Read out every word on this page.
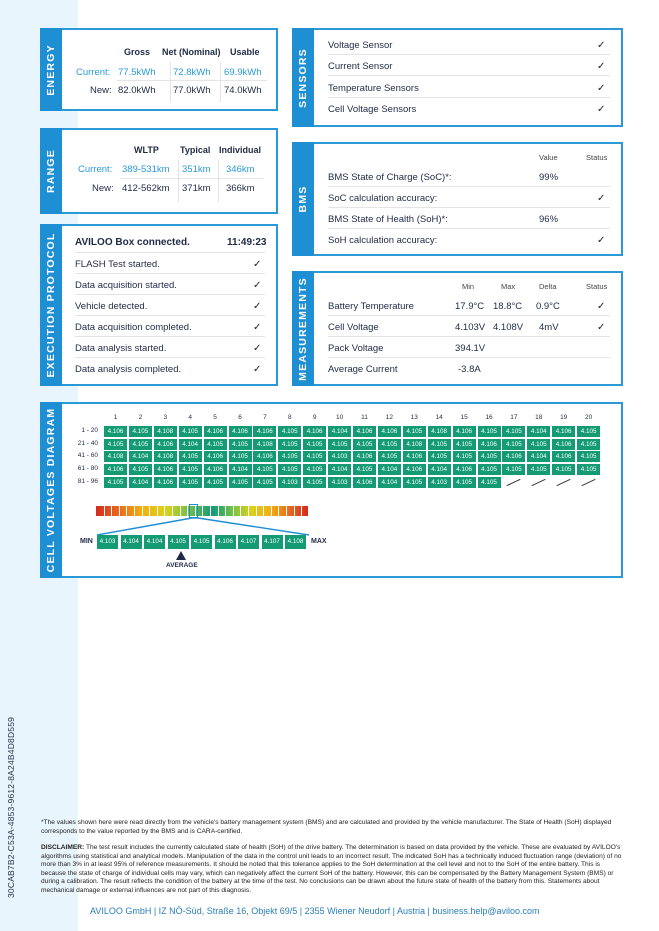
30CAB7B2-C53A-4853-9612-8A24B4D8D559
ENERGY	Gross Net (Nominal) Usable
Current: 77.5kWh 72.8kWh 69.9kWh
New: 82.0kWh 77.0kWh 74.0kWh
RANGE	WLTP Typical Individual
Current: 389-531km 351km 346km
New: 412-562km 371km 366km
EXECUTION PROTOCOL AVILOO Box connected.	11:49:23
FLASH Test started.	✓
Data acquisition started.	✓
Vehicle detected.	✓
Data acquisition completed.	✓
Data analysis started.	✓
Data analysis completed.	✓
SENSORS
Voltage Sensor	✓
Current Sensor	✓
Temperature Sensors	✓
Cell Voltage Sensors	✓
BMS
Value	Status
BMS State of Charge (SoC)*:	99%
SoC calculation accuracy:	✓
BMS State of Health (SoH)*:	96%
SoH calculation accuracy:	✓
MEASUREMENTS	Min	Max	Delta	Status
Battery Temperature	17.9°C 18.8°C 0.9°C	✓
Cell Voltage	4.103V 4.108V 4mV	✓
Pack Voltage	394.1V
Average Current	-3.8A
CELL VOLTAGES DIAGRAM	1	2	3	4	5	6	7	8	9	10	11	12	13	14	15	16	17	18	19	20
1 - 20	4.106	4.105	4.108	4.105	4.106	4.106	4.106	4.105	4.106	4.104	4.106	4.106	4.105	4.108	4.106	4.105	4.105	4.104	4.106	4.105
21 - 40	4.105	4.105	4.106	4.104	4.105	4.105	4.108	4.105	4.105	4.105	4.105	4.105	4.108	4.105	4.105	4.106	4.105	4.105	4.106	4.105
41 - 60	4.108	4.104	4.108	4.105	4.106	4.105	4.106	4.105	4.105	4.103	4.106	4.105	4.106	4.105	4.105	4.105	4.106	4.104	4.106	4.105
61 - 80	4.106	4.105	4.106	4.105	4.106	4.104	4.105	4.105	4.105	4.104	4.105	4.104	4.106	4.104	4.106	4.105	4.105	4.105	4.105	4.105
81 - 96	4.105	4.104	4.106	4.105	4.105	4.105	4.105	4.103	4.105	4.103	4.106	4.104	4.105	4.103	4.105	4.105
MIN	4.103	4.104	4.104	4.105	4.105	4.106	4.107	4.107	4.108	MAX
AVERAGE
*The values shown here were read directly from the vehicle's battery management system (BMS) and are calculated and provided by the vehicle manufacturer. The State of Health (SoH) displayed corresponds to the value reported by the BMS and is CARA-certified.
DISCLAIMER: The test result includes the currently calculated state of health (SoH) of the drive battery. The determination is based on data provided by the vehicle. These are evaluated by AVILOO's algorithms using statistical and analytical models. Manipulation of the data in the control unit leads to an incorrect result. The indicated SoH has a technically induced fluctuation range (deviation) of no more than 3% in at least 95% of reference measurements. It should be noted that this tolerance applies to the SoH determination at the cell level and not to the SoH of the entire battery. This is because the state of charge of individual cells may vary, which can negatively affect the current SoH of the battery. However, this can be compensated by the Battery Management System (BMS) or during a calibration. The result reflects the condition of the battery at the time of the test. No conclusions can be drawn about the future state of health of the battery from this. Statements about mechanical damage or external influences are not part of this diagnosis.
AVILOO GmbH | IZ NÖ-Süd, Straße 16, Objekt 69/5 | 2355 Wiener Neudorf | Austria | business.help@aviloo.com
